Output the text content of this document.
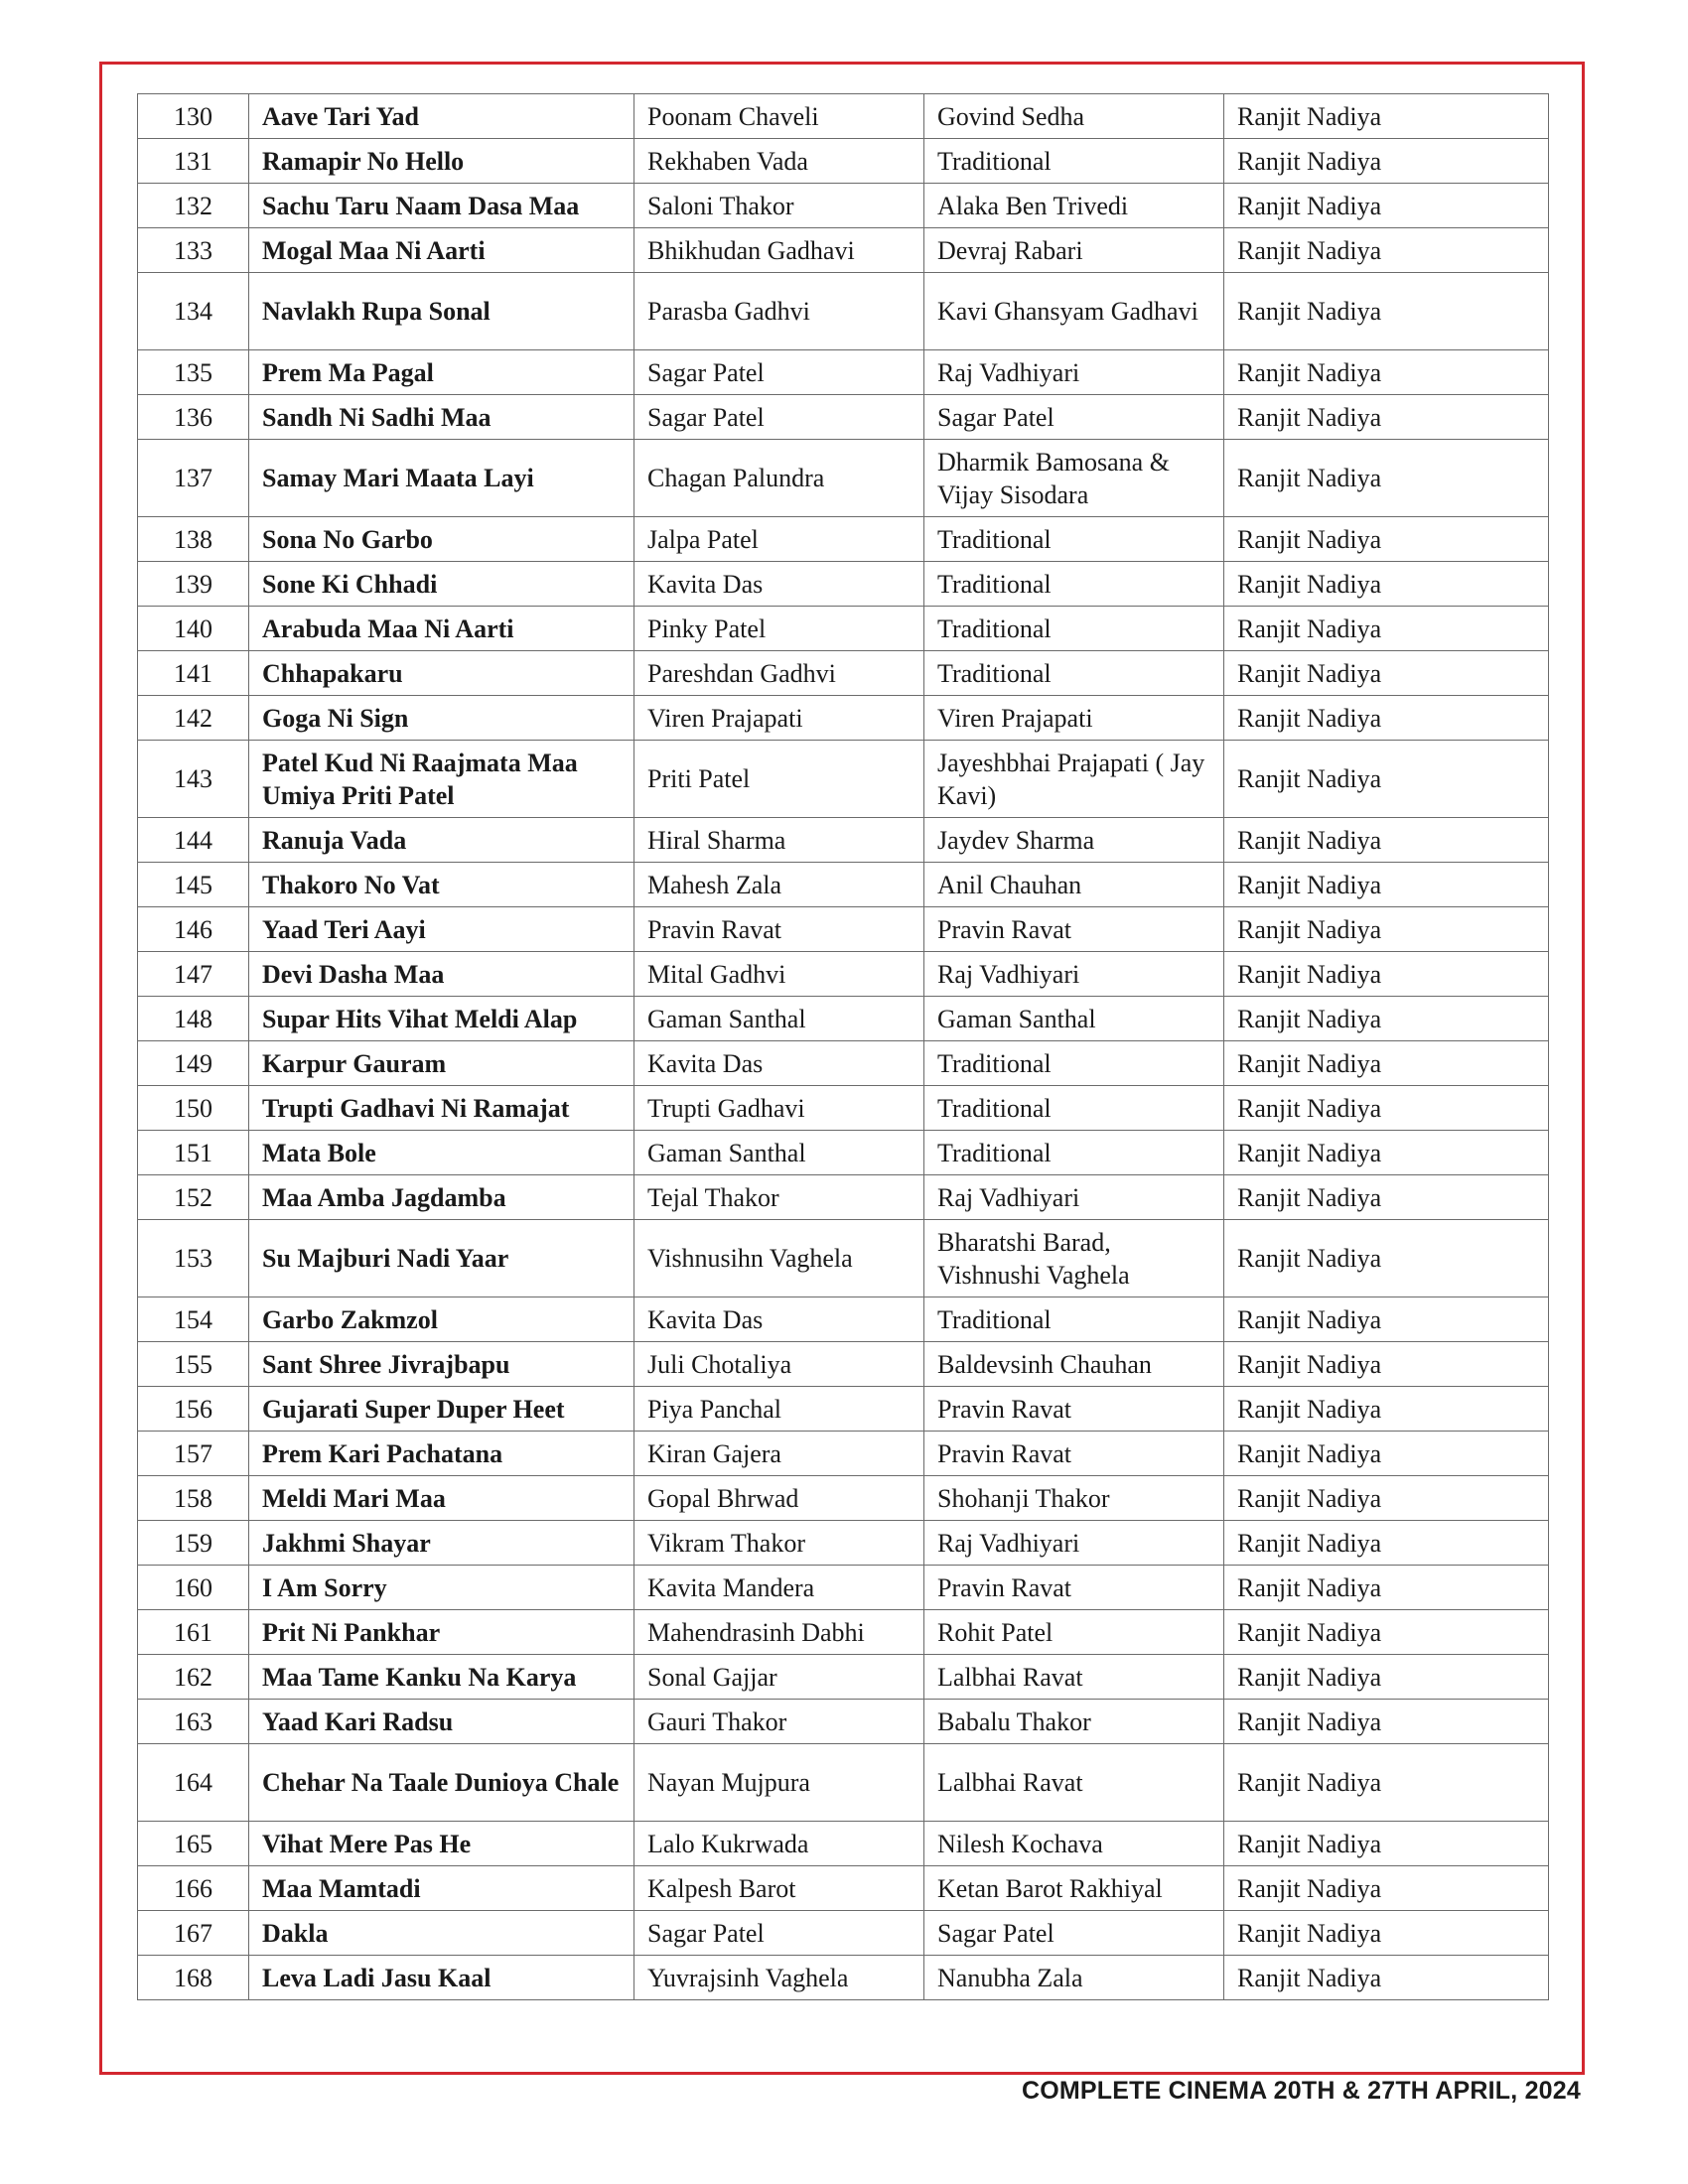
130	Aave Tari Yad	Poonam Chaveli	Govind Sedha	Ranjit Nadiya
131	Ramapir No Hello	Rekhaben Vada	Traditional	Ranjit Nadiya
132	Sachu Taru Naam Dasa Maa	Saloni Thakor	Alaka Ben Trivedi	Ranjit Nadiya
133	Mogal Maa Ni Aarti	Bhikhudan Gadhavi	Devraj Rabari	Ranjit Nadiya
134	Navlakh Rupa Sonal	Parasba Gadhvi	Kavi Ghansyam Gadhavi	Ranjit Nadiya
135	Prem Ma Pagal	Sagar Patel	Raj Vadhiyari	Ranjit Nadiya
136	Sandh Ni Sadhi Maa	Sagar Patel	Sagar Patel	Ranjit Nadiya
137	Samay Mari Maata Layi	Chagan Palundra	Dharmik Bamosana & Vijay Sisodara	Ranjit Nadiya
138	Sona No Garbo	Jalpa Patel	Traditional	Ranjit Nadiya
139	Sone Ki Chhadi	Kavita Das	Traditional	Ranjit Nadiya
140	Arabuda Maa Ni Aarti	Pinky Patel	Traditional	Ranjit Nadiya
141	Chhapakaru	Pareshdan Gadhvi	Traditional	Ranjit Nadiya
142	Goga Ni Sign	Viren Prajapati	Viren Prajapati	Ranjit Nadiya
143	Patel Kud Ni Raajmata Maa Umiya Priti Patel	Priti Patel	Jayeshbhai Prajapati ( Jay Kavi)	Ranjit Nadiya
144	Ranuja Vada	Hiral Sharma	Jaydev Sharma	Ranjit Nadiya
145	Thakoro No Vat	Mahesh Zala	Anil Chauhan	Ranjit Nadiya
146	Yaad Teri Aayi	Pravin Ravat	Pravin Ravat	Ranjit Nadiya
147	Devi Dasha Maa	Mital Gadhvi	Raj Vadhiyari	Ranjit Nadiya
148	Supar Hits Vihat Meldi Alap	Gaman Santhal	Gaman Santhal	Ranjit Nadiya
149	Karpur Gauram	Kavita Das	Traditional	Ranjit Nadiya
150	Trupti Gadhavi Ni Ramajat	Trupti Gadhavi	Traditional	Ranjit Nadiya
151	Mata Bole	Gaman Santhal	Traditional	Ranjit Nadiya
152	Maa Amba Jagdamba	Tejal Thakor	Raj Vadhiyari	Ranjit Nadiya
153	Su Majburi Nadi Yaar	Vishnusihn Vaghela	Bharatshi Barad, Vishnushi Vaghela	Ranjit Nadiya
154	Garbo Zakmzol	Kavita Das	Traditional	Ranjit Nadiya
155	Sant Shree Jivrajbapu	Juli Chotaliya	Baldevsinh Chauhan	Ranjit Nadiya
156	Gujarati Super Duper Heet	Piya Panchal	Pravin Ravat	Ranjit Nadiya
157	Prem Kari Pachatana	Kiran Gajera	Pravin Ravat	Ranjit Nadiya
158	Meldi Mari Maa	Gopal Bhrwad	Shohanji Thakor	Ranjit Nadiya
159	Jakhmi Shayar	Vikram Thakor	Raj Vadhiyari	Ranjit Nadiya
160	I Am Sorry	Kavita Mandera	Pravin Ravat	Ranjit Nadiya
161	Prit Ni Pankhar	Mahendrasinh Dabhi	Rohit Patel	Ranjit Nadiya
162	Maa Tame Kanku Na Karya	Sonal Gajjar	Lalbhai Ravat	Ranjit Nadiya
163	Yaad Kari Radsu	Gauri Thakor	Babalu Thakor	Ranjit Nadiya
164	Chehar Na Taale Dunioya Chale	Nayan Mujpura	Lalbhai Ravat	Ranjit Nadiya
165	Vihat Mere Pas He	Lalo Kukrwada	Nilesh Kochava	Ranjit Nadiya
166	Maa Mamtadi	Kalpesh Barot	Ketan Barot Rakhiyal	Ranjit Nadiya
167	Dakla	Sagar Patel	Sagar Patel	Ranjit Nadiya
168	Leva Ladi Jasu Kaal	Yuvrajsinh Vaghela	Nanubha Zala	Ranjit Nadiya
COMPLETE CINEMA 20TH & 27TH APRIL, 2024
